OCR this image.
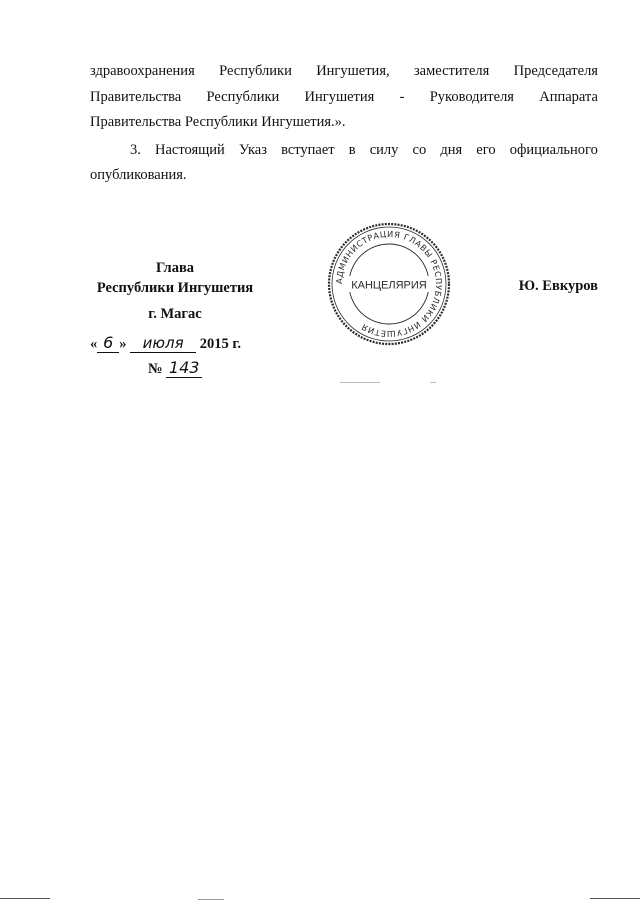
здравоохранения Республики Ингушетия, заместителя Председателя
Правительства Республики Ингушетия - Руководителя Аппарата
Правительства Республики Ингушетия.».
3. Настоящий Указ вступает в силу со дня его официального
опубликования.
Глава
Республики Ингушетия	Ю. Евкуров
г. Магас
« 6 » июля 2015 г.
№ 143
АДМИНИСТРАЦИЯ ГЛАВЫ РЕСПУБЛИКИ ИНГУШЕТИЯ
КАНЦЕЛЯРИЯ
